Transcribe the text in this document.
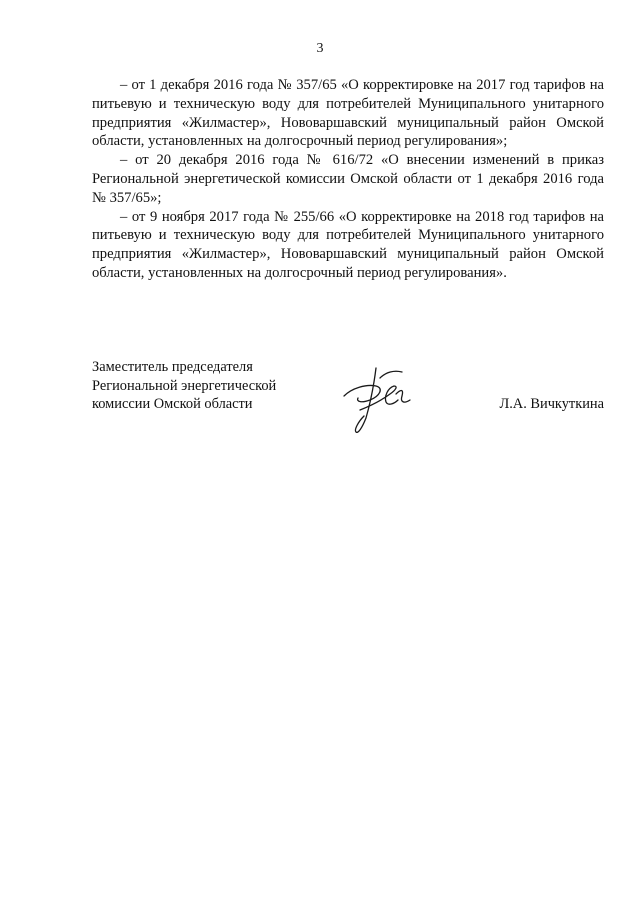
3

– от 1 декабря 2016 года № 357/65 «О корректировке на 2017 год тарифов на питьевую и техническую воду для потребителей Муниципального унитарного предприятия «Жилмастер», Нововаршавский муниципальный район Омской области, установленных на долгосрочный период регулирования»;

– от 20 декабря 2016 года № 616/72 «О внесении изменений в приказ Региональной энергетической комиссии Омской области от 1 декабря 2016 года № 357/65»;

– от 9 ноября 2017 года № 255/66 «О корректировке на 2018 год тарифов на питьевую и техническую воду для потребителей Муниципального унитарного предприятия «Жилмастер», Нововаршавский муниципальный район Омской области, установленных на долгосрочный период регулирования».

Заместитель председателя
Региональной энергетической
комиссии Омской области	Л.А. Вичкуткина
